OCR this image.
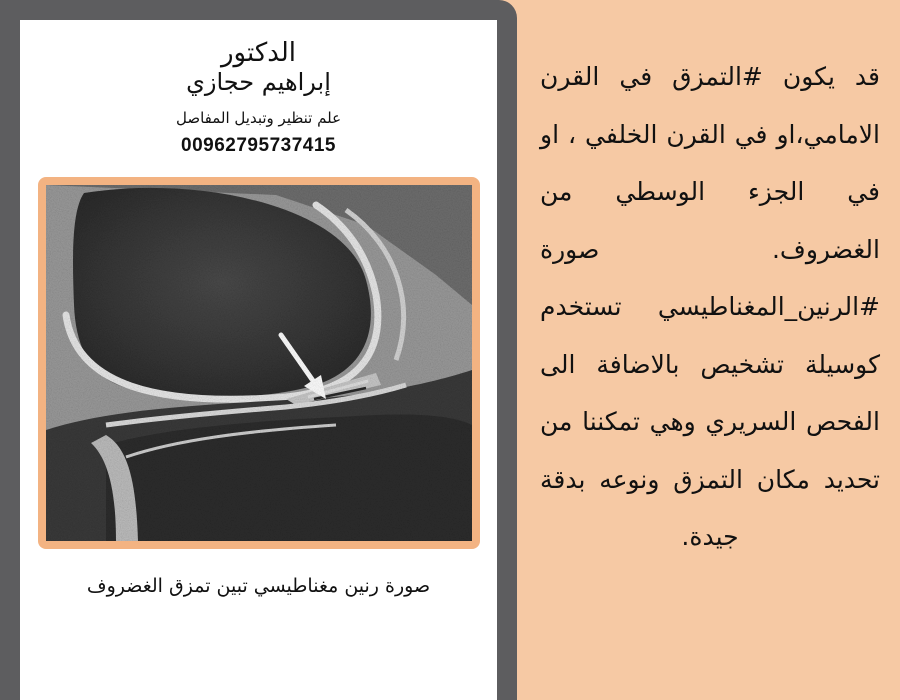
الدكتور
إبراهيم حجازي
علم تنظير وتبديل المفاصل
00962795737415
صورة رنين مغناطيسي تبين تمزق الغضروف
قد يكون #التمزق في القرن الامامي،او في القرن الخلفي ، او في الجزء الوسطي من الغضروف. صورة #الرنين_المغناطيسي تستخدم كوسيلة تشخيص بالاضافة الى الفحص السريري وهي تمكننا من تحديد مكان التمزق ونوعه بدقة جيدة.
